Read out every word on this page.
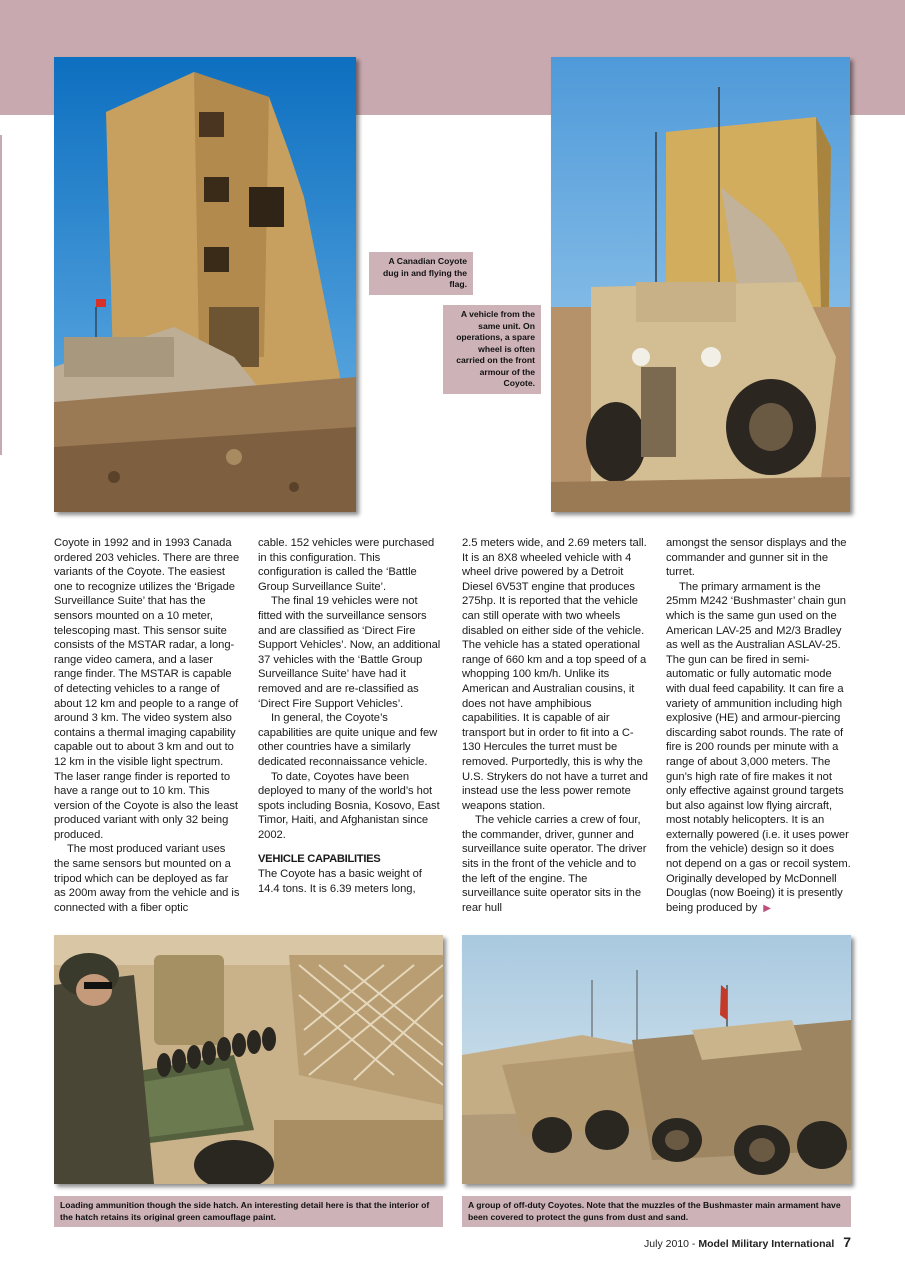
A Canadian Coyote dug in and flying the flag.
A vehicle from the same unit. On operations, a spare wheel is often carried on the front armour of the Coyote.

Coyote in 1992 and in 1993 Canada ordered 203 vehicles. There are three variants of the Coyote. The easiest one to recognize utilizes the ‘Brigade Surveillance Suite’ that has the sensors mounted on a 10 meter, telescoping mast. This sensor suite consists of the MSTAR radar, a long-range video camera, and a laser range finder. The MSTAR is capable of detecting vehicles to a range of about 12 km and people to a range of around 3 km. The video system also contains a thermal imaging capability capable out to about 3 km and out to 12 km in the visible light spectrum. The laser range finder is reported to have a range out to 10 km. This version of the Coyote is also the least produced variant with only 32 being produced.

The most produced variant uses the same sensors but mounted on a tripod which can be deployed as far as 200m away from the vehicle and is connected with a fiber optic

cable. 152 vehicles were purchased in this configuration. This configuration is called the ‘Battle Group Surveillance Suite’.

The final 19 vehicles were not fitted with the surveillance sensors and are classified as ‘Direct Fire Support Vehicles’. Now, an additional 37 vehicles with the ‘Battle Group Surveillance Suite’ have had it removed and are re-classified as ‘Direct Fire Support Vehicles’.

In general, the Coyote’s capabilities are quite unique and few other countries have a similarly dedicated reconnaissance vehicle.

To date, Coyotes have been deployed to many of the world’s hot spots including Bosnia, Kosovo, East Timor, Haiti, and Afghanistan since 2002.

VEHICLE CAPABILITIES

The Coyote has a basic weight of 14.4 tons. It is 6.39 meters long,

2.5 meters wide, and 2.69 meters tall. It is an 8X8 wheeled vehicle with 4 wheel drive powered by a Detroit Diesel 6V53T engine that produces 275hp. It is reported that the vehicle can still operate with two wheels disabled on either side of the vehicle. The vehicle has a stated operational range of 660 km and a top speed of a whopping 100 km/h. Unlike its American and Australian cousins, it does not have amphibious capabilities. It is capable of air transport but in order to fit into a C-130 Hercules the turret must be removed. Purportedly, this is why the U.S. Strykers do not have a turret and instead use the less power remote weapons station.

The vehicle carries a crew of four, the commander, driver, gunner and surveillance suite operator. The driver sits in the front of the vehicle and to the left of the engine. The surveillance suite operator sits in the rear hull

amongst the sensor displays and the commander and gunner sit in the turret.

The primary armament is the 25mm M242 ‘Bushmaster’ chain gun which is the same gun used on the American LAV-25 and M2/3 Bradley as well as the Australian ASLAV-25. The gun can be fired in semi-automatic or fully automatic mode with dual feed capability. It can fire a variety of ammunition including high explosive (HE) and armour-piercing discarding sabot rounds. The rate of fire is 200 rounds per minute with a range of about 3,000 meters. The gun’s high rate of fire makes it not only effective against ground targets but also against low flying aircraft, most notably helicopters. It is an externally powered (i.e. it uses power from the vehicle) design so it does not depend on a gas or recoil system. Originally developed by McDonnell Douglas (now Boeing) it is presently being produced by ▶

Loading ammunition though the side hatch. An interesting detail here is that the interior of the hatch retains its original green camouflage paint.
A group of off-duty Coyotes. Note that the muzzles of the Bushmaster main armament have been covered to protect the guns from dust and sand.
July 2010 - Model Military International 7
